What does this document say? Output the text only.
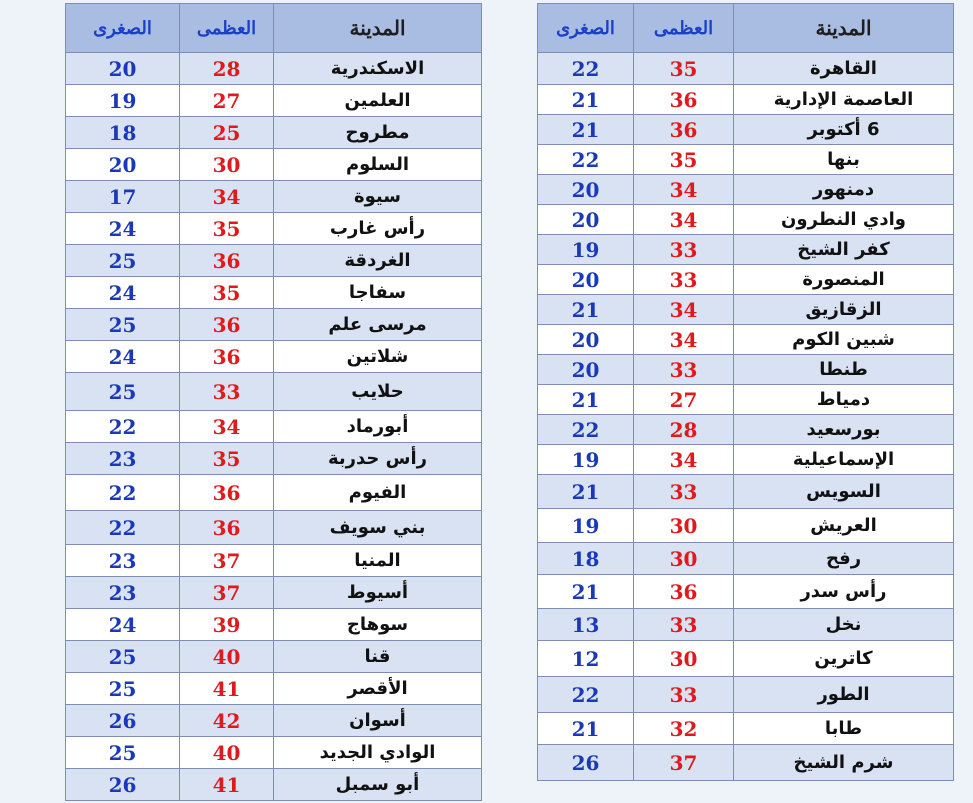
المدينة	العظمى	الصغرى
الاسكندرية	28	20
العلمين	27	19
مطروح	25	18
السلوم	30	20
سيوة	34	17
رأس غارب	35	24
الغردقة	36	25
سفاجا	35	24
مرسى علم	36	25
شلاتين	36	24
حلايب	33	25
أبورماد	34	22
رأس حدربة	35	23
الفيوم	36	22
بني سويف	36	22
المنيا	37	23
أسيوط	37	23
سوهاج	39	24
قنا	40	25
الأقصر	41	25
أسوان	42	26
الوادي الجديد	40	25
أبو سمبل	41	26
المدينة	العظمى	الصغرى
القاهرة	35	22
العاصمة الإدارية	36	21
6 أكتوبر	36	21
بنها	35	22
دمنهور	34	20
وادي النطرون	34	20
كفر الشيخ	33	19
المنصورة	33	20
الزقازيق	34	21
شبين الكوم	34	20
طنطا	33	20
دمياط	27	21
بورسعيد	28	22
الإسماعيلية	34	19
السويس	33	21
العريش	30	19
رفح	30	18
رأس سدر	36	21
نخل	33	13
كاترين	30	12
الطور	33	22
طابا	32	21
شرم الشيخ	37	26
